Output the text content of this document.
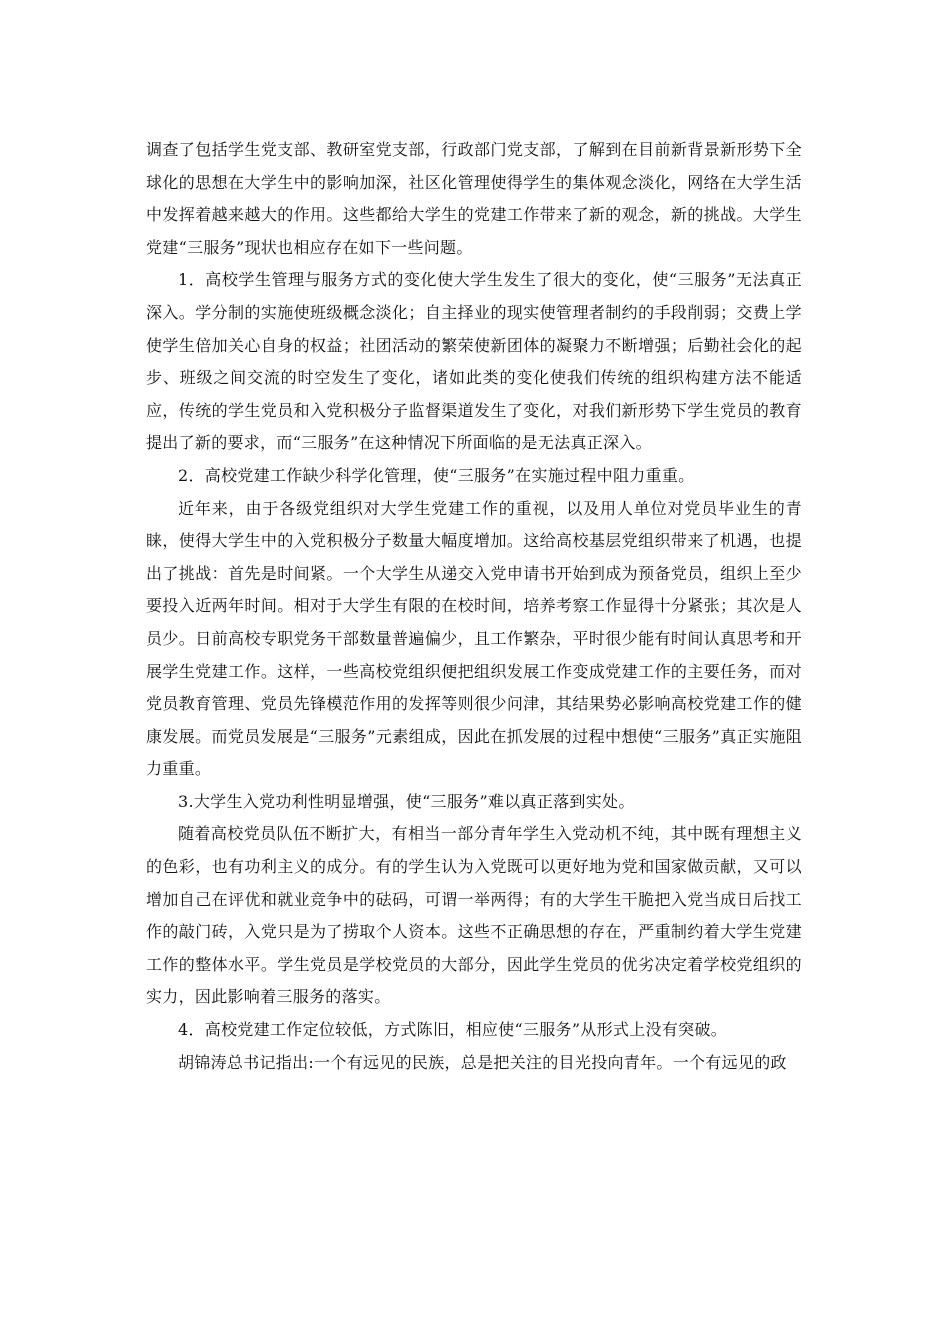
调查了包括学生党支部、教研室党支部，行政部门党支部，了解到在目前新背景新形势下全球化的思想在大学生中的影响加深，社区化管理使得学生的集体观念淡化，网络在大学生活中发挥着越来越大的作用。这些都给大学生的党建工作带来了新的观念，新的挑战。大学生党建“三服务”现状也相应存在如下一些问题。

1．高校学生管理与服务方式的变化使大学生发生了很大的变化，使“三服务”无法真正深入。学分制的实施使班级概念淡化；自主择业的现实使管理者制约的手段削弱；交费上学使学生倍加关心自身的权益；社团活动的繁荣使新团体的凝聚力不断增强；后勤社会化的起步、班级之间交流的时空发生了变化，诸如此类的变化使我们传统的组织构建方法不能适应，传统的学生党员和入党积极分子监督渠道发生了变化，对我们新形势下学生党员的教育提出了新的要求，而“三服务”在这种情况下所面临的是无法真正深入。

2．高校党建工作缺少科学化管理，使“三服务”在实施过程中阻力重重。

近年来，由于各级党组织对大学生党建工作的重视，以及用人单位对党员毕业生的青睐，使得大学生中的入党积极分子数量大幅度增加。这给高校基层党组织带来了机遇，也提出了挑战：首先是时间紧。一个大学生从递交入党申请书开始到成为预备党员，组织上至少要投入近两年时间。相对于大学生有限的在校时间，培养考察工作显得十分紧张；其次是人员少。日前高校专职党务干部数量普遍偏少，且工作繁杂，平时很少能有时间认真思考和开展学生党建工作。这样，一些高校党组织便把组织发展工作变成党建工作的主要任务，而对党员教育管理、党员先锋模范作用的发挥等则很少问津，其结果势必影响高校党建工作的健康发展。而党员发展是“三服务”元素组成，因此在抓发展的过程中想使“三服务”真正实施阻力重重。

3.大学生入党功利性明显增强，使“三服务”难以真正落到实处。

随着高校党员队伍不断扩大，有相当一部分青年学生入党动机不纯，其中既有理想主义的色彩，也有功利主义的成分。有的学生认为入党既可以更好地为党和国家做贡献，又可以增加自己在评优和就业竞争中的砝码，可谓一举两得；有的大学生干脆把入党当成日后找工作的敲门砖，入党只是为了捞取个人资本。这些不正确思想的存在，严重制约着大学生党建工作的整体水平。学生党员是学校党员的大部分，因此学生党员的优劣决定着学校党组织的实力，因此影响着三服务的落实。

4．高校党建工作定位较低，方式陈旧，相应使“三服务”从形式上没有突破。

胡锦涛总书记指出:一个有远见的民族，总是把关注的目光投向青年。一个有远见的政
